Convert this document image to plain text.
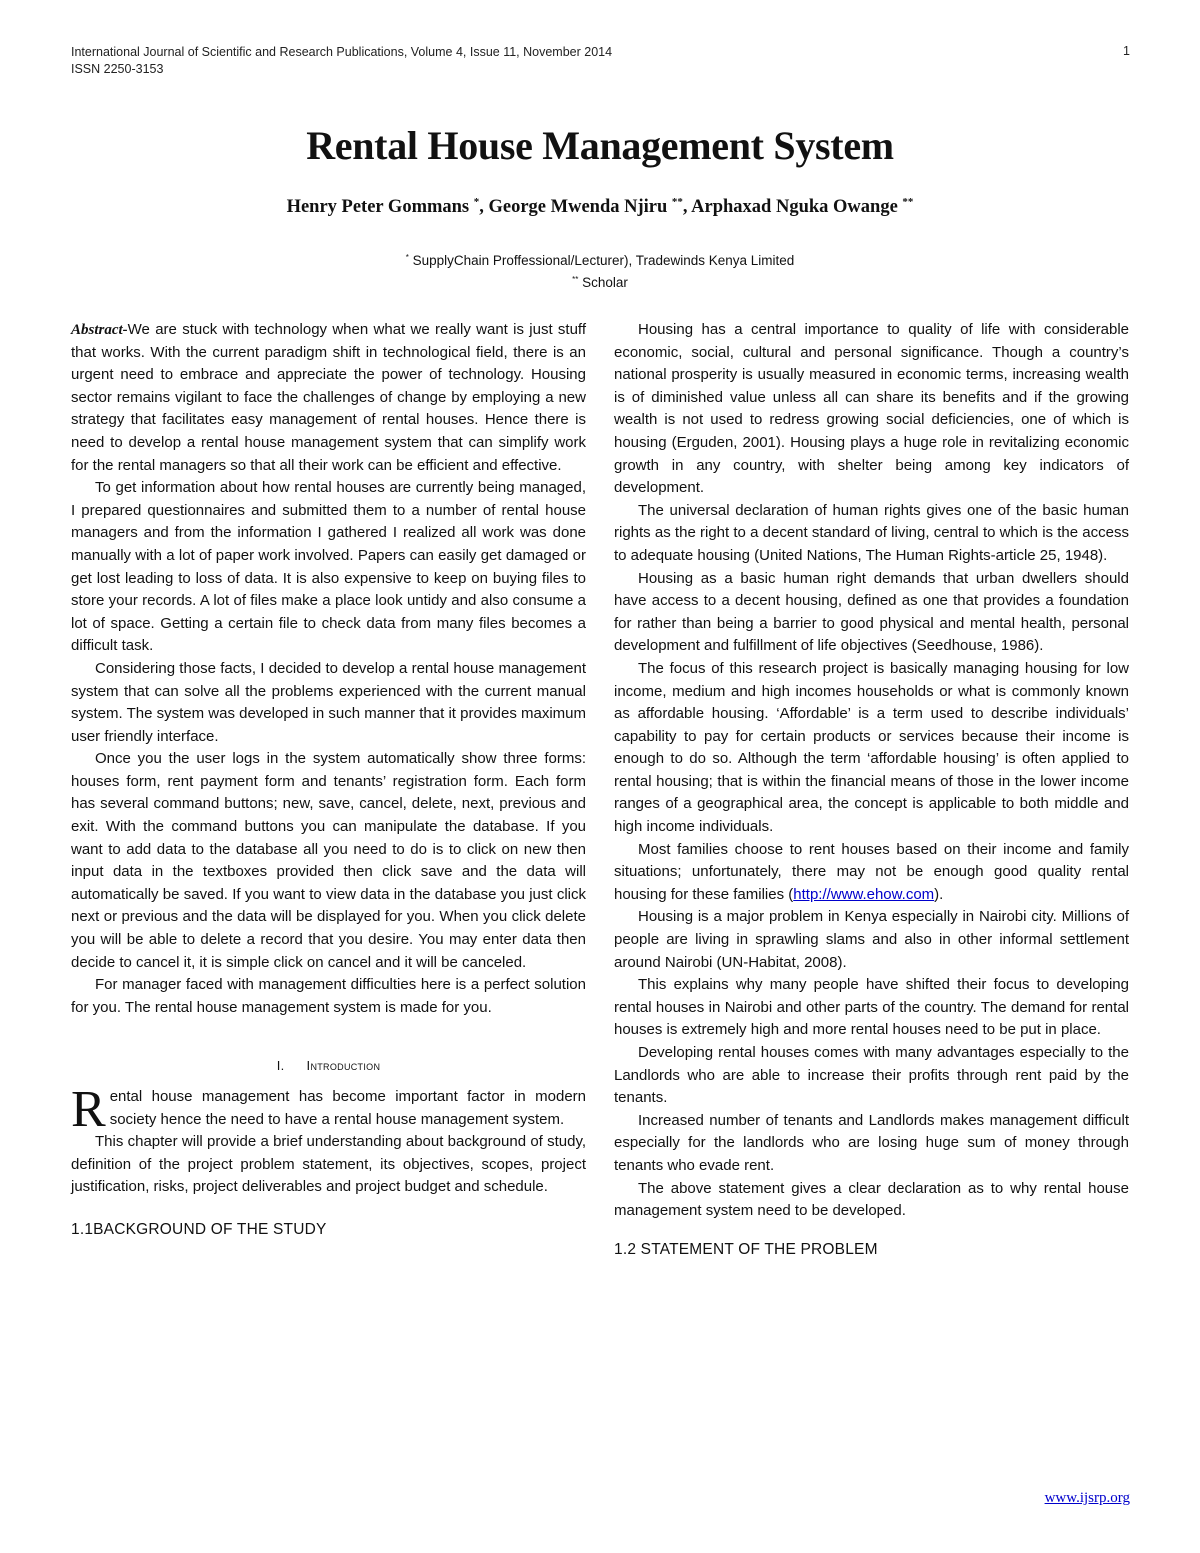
International Journal of Scientific and Research Publications, Volume 4, Issue 11, November 2014
ISSN 2250-3153
1
Rental House Management System
Henry Peter Gommans *, George Mwenda Njiru **, Arphaxad Nguka Owange **
* SupplyChain Proffessional/Lecturer), Tradewinds Kenya Limited
** Scholar

Abstract-We are stuck with technology when what we really want is just stuff that works. With the current paradigm shift in technological field, there is an urgent need to embrace and appreciate the power of technology. Housing sector remains vigilant to face the challenges of change by employing a new strategy that facilitates easy management of rental houses. Hence there is need to develop a rental house management system that can simplify work for the rental managers so that all their work can be efficient and effective.

To get information about how rental houses are currently being managed, I prepared questionnaires and submitted them to a number of rental house managers and from the information I gathered I realized all work was done manually with a lot of paper work involved. Papers can easily get damaged or get lost leading to loss of data. It is also expensive to keep on buying files to store your records. A lot of files make a place look untidy and also consume a lot of space. Getting a certain file to check data from many files becomes a difficult task.

Considering those facts, I decided to develop a rental house management system that can solve all the problems experienced with the current manual system. The system was developed in such manner that it provides maximum user friendly interface.

Once you the user logs in the system automatically show three forms: houses form, rent payment form and tenants’ registration form. Each form has several command buttons; new, save, cancel, delete, next, previous and exit. With the command buttons you can manipulate the database. If you want to add data to the database all you need to do is to click on new then input data in the textboxes provided then click save and the data will automatically be saved. If you want to view data in the database you just click next or previous and the data will be displayed for you. When you click delete you will be able to delete a record that you desire. You may enter data then decide to cancel it, it is simple click on cancel and it will be canceled.

For manager faced with management difficulties here is a perfect solution for you. The rental house management system is made for you.

I. Introduction

Rental house management has become important factor in modern society hence the need to have a rental house management system.

This chapter will provide a brief understanding about background of study, definition of the project problem statement, its objectives, scopes, project justification, risks, project deliverables and project budget and schedule.

1.1BACKGROUND OF THE STUDY

Housing has a central importance to quality of life with considerable economic, social, cultural and personal significance. Though a country’s national prosperity is usually measured in economic terms, increasing wealth is of diminished value unless all can share its benefits and if the growing wealth is not used to redress growing social deficiencies, one of which is housing (Erguden, 2001). Housing plays a huge role in revitalizing economic growth in any country, with shelter being among key indicators of development.

The universal declaration of human rights gives one of the basic human rights as the right to a decent standard of living, central to which is the access to adequate housing (United Nations, The Human Rights-article 25, 1948).

Housing as a basic human right demands that urban dwellers should have access to a decent housing, defined as one that provides a foundation for rather than being a barrier to good physical and mental health, personal development and fulfillment of life objectives (Seedhouse, 1986).

The focus of this research project is basically managing housing for low income, medium and high incomes households or what is commonly known as affordable housing. ‘Affordable’ is a term used to describe individuals’ capability to pay for certain products or services because their income is enough to do so. Although the term ‘affordable housing’ is often applied to rental housing; that is within the financial means of those in the lower income ranges of a geographical area, the concept is applicable to both middle and high income individuals.

Most families choose to rent houses based on their income and family situations; unfortunately, there may not be enough good quality rental housing for these families (http://www.ehow.com).

Housing is a major problem in Kenya especially in Nairobi city. Millions of people are living in sprawling slams and also in other informal settlement around Nairobi (UN-Habitat, 2008).

This explains why many people have shifted their focus to developing rental houses in Nairobi and other parts of the country. The demand for rental houses is extremely high and more rental houses need to be put in place.

Developing rental houses comes with many advantages especially to the Landlords who are able to increase their profits through rent paid by the tenants.

Increased number of tenants and Landlords makes management difficult especially for the landlords who are losing huge sum of money through tenants who evade rent.

The above statement gives a clear declaration as to why rental house management system need to be developed.

1.2 STATEMENT OF THE PROBLEM
www.ijsrp.org
